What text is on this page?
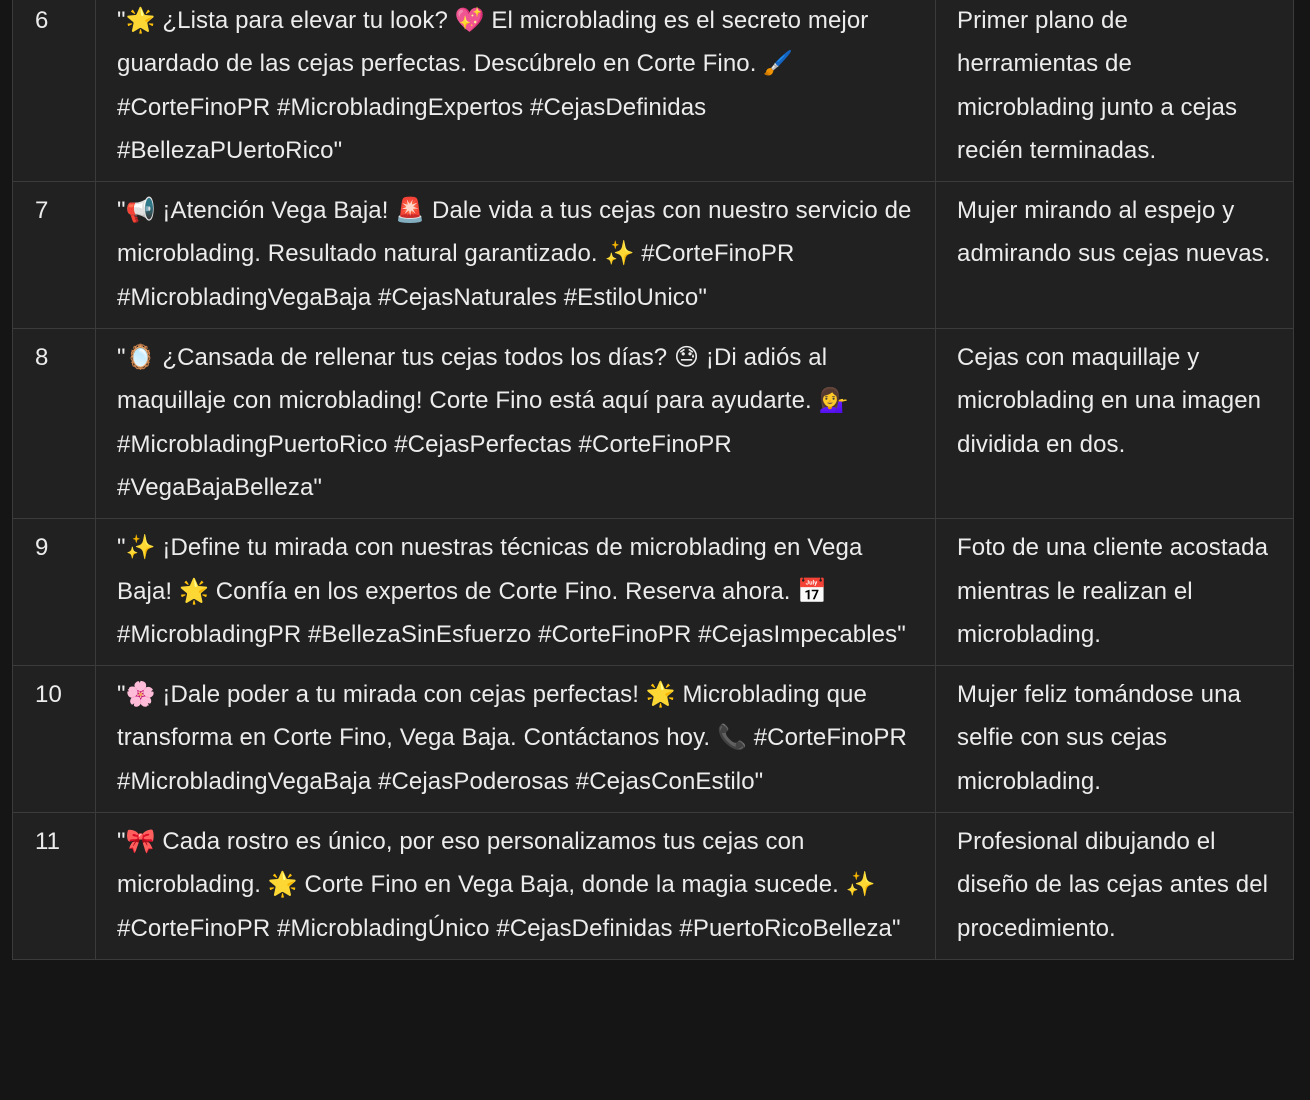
6	"🌟 ¿Lista para elevar tu look? 💖 El microblading es el secreto mejor guardado de las cejas perfectas. Descúbrelo en Corte Fino. 🖌️ #CorteFinoPR #MicrobladingExpertos #CejasDefinidas #BellezaPUertoRico"	Primer plano de herramientas de microblading junto a cejas recién terminadas.
7	"📢 ¡Atención Vega Baja! 🚨 Dale vida a tus cejas con nuestro servicio de microblading. Resultado natural garantizado. ✨ #CorteFinoPR #MicrobladingVegaBaja #CejasNaturales #EstiloUnico"	Mujer mirando al espejo y admirando sus cejas nuevas.
8	"🪞 ¿Cansada de rellenar tus cejas todos los días? 😓 ¡Di adiós al maquillaje con microblading! Corte Fino está aquí para ayudarte. 💁‍♀️ #MicrobladingPuertoRico #CejasPerfectas #CorteFinoPR #VegaBajaBelleza"	Cejas con maquillaje y microblading en una imagen dividida en dos.
9	"✨ ¡Define tu mirada con nuestras técnicas de microblading en Vega Baja! 🌟 Confía en los expertos de Corte Fino. Reserva ahora. 📅 #MicrobladingPR #BellezaSinEsfuerzo #CorteFinoPR #CejasImpecables"	Foto de una cliente acostada mientras le realizan el microblading.
10	"🌸 ¡Dale poder a tu mirada con cejas perfectas! 🌟 Microblading que transforma en Corte Fino, Vega Baja. Contáctanos hoy. 📞 #CorteFinoPR #MicrobladingVegaBaja #CejasPoderosas #CejasConEstilo"	Mujer feliz tomándose una selfie con sus cejas microblading.
11	"🎀 Cada rostro es único, por eso personalizamos tus cejas con microblading. 🌟 Corte Fino en Vega Baja, donde la magia sucede. ✨ #CorteFinoPR #MicrobladingÚnico #CejasDefinidas #PuertoRicoBelleza"	Profesional dibujando el diseño de las cejas antes del procedimiento.
